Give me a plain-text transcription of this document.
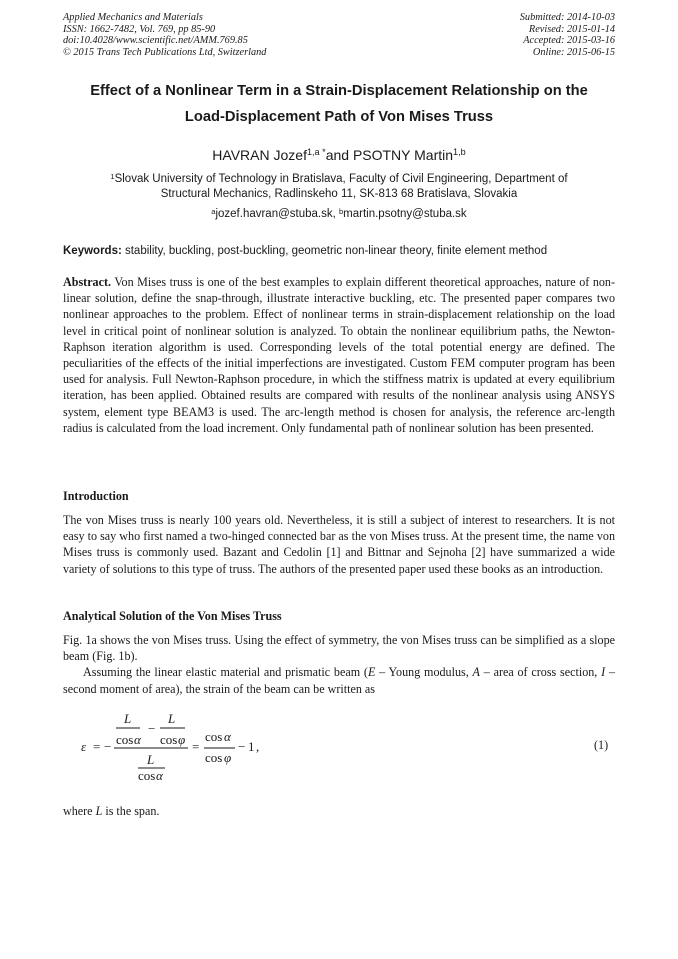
Applied Mechanics and Materials
ISSN: 1662-7482, Vol. 769, pp 85-90
doi:10.4028/www.scientific.net/AMM.769.85
© 2015 Trans Tech Publications Ltd, Switzerland
Submitted: 2014-10-03
Revised: 2015-01-14
Accepted: 2015-03-16
Online: 2015-06-15
Effect of a Nonlinear Term in a Strain-Displacement Relationship on the
Load-Displacement Path of Von Mises Truss
HAVRAN Jozef$^{1,a *}$and PSOTNY Martin$^{1,b}$
$^1$Slovak University of Technology in Bratislava, Faculty of Civil Engineering, Department of
Structural Mechanics, Radlinskeho 11, SK-813 68 Bratislava, Slovakia
$^a$jozef.havran@stuba.sk, $^b$martin.psotny@stuba.sk
Keywords: stability, buckling, post-buckling, geometric non-linear theory, finite element method
Abstract. Von Mises truss is one of the best examples to explain different theoretical approaches, nature of non-linear solution, define the snap-through, illustrate interactive buckling, etc. The presented paper compares two nonlinear approaches to the problem. Effect of nonlinear terms in strain-displacement relationship on the load level in critical point of nonlinear solution is analyzed. To obtain the nonlinear equilibrium paths, the Newton-Raphson iteration algorithm is used. Corresponding levels of the total potential energy are defined. The peculiarities of the effects of the initial imperfections are investigated. Custom FEM computer program has been used for analysis. Full Newton-Raphson procedure, in which the stiffness matrix is updated at every equilibrium iteration, has been applied. Obtained results are compared with results of the nonlinear analysis using ANSYS system, element type BEAM3 is used. The arc-length method is chosen for analysis, the reference arc-length radius is calculated from the load increment. Only fundamental path of nonlinear solution has been presented.
Introduction
The von Mises truss is nearly 100 years old. Nevertheless, it is still a subject of interest to researchers. It is not easy to say who first named a two-hinged connected bar as the von Mises truss. At the present time, the name von Mises truss is commonly used. Bazant and Cedolin [1] and Bittnar and Sejnoha [2] have summarized a wide variety of solutions to this type of truss. The authors of the presented paper used these books as an introduction.
Analytical Solution of the Von Mises Truss
Fig. 1a shows the von Mises truss. Using the effect of symmetry, the von Mises truss can be simplified as a slope beam (Fig. 1b).
Assuming the linear elastic material and prismatic beam (E – Young modulus, A – area of cross section, I – second moment of area), the strain of the beam can be written as
ε = −
L
−
L
cos α cos φ
L
cos α
=
cos α
cos φ
− 1 ,	(1)
where L is the span.
